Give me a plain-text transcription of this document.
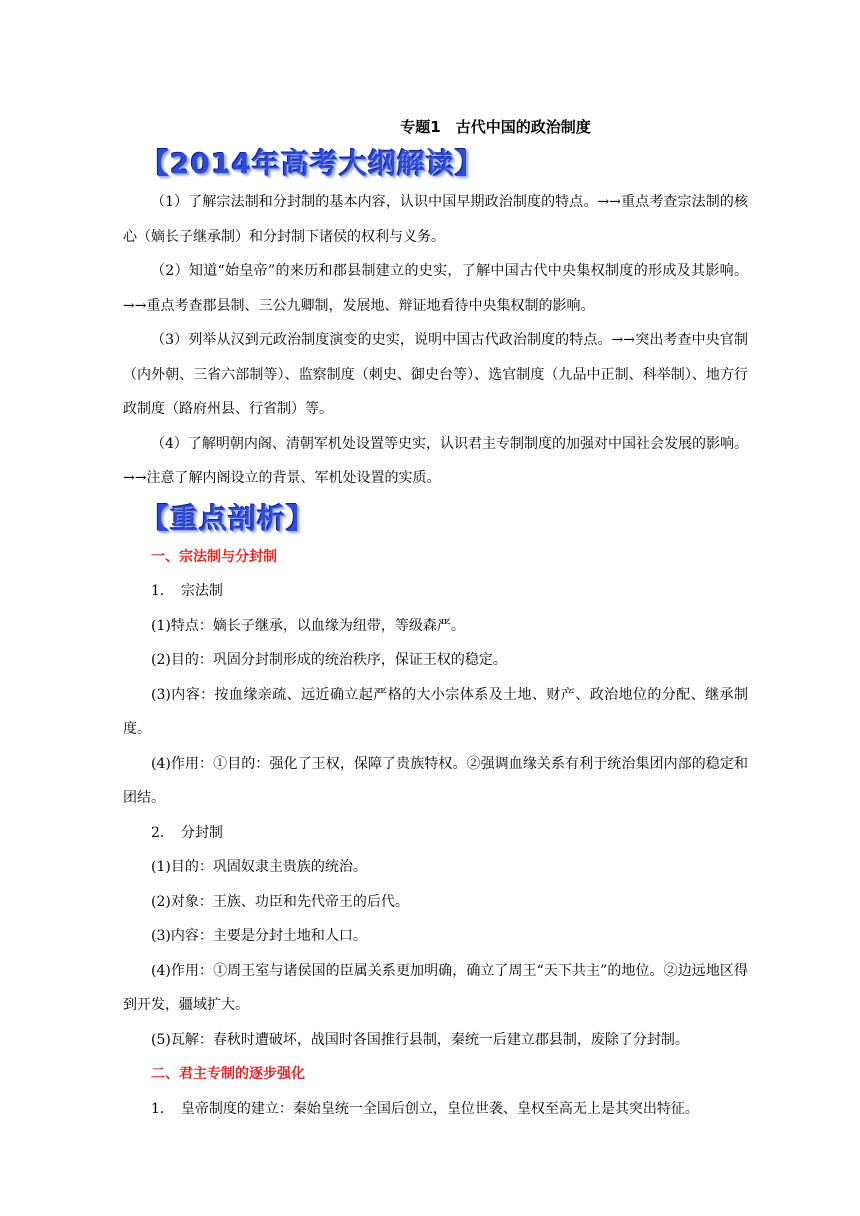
专题1　古代中国的政治制度
【2014年高考大纲解读】

（1）了解宗法制和分封制的基本内容，认识中国早期政治制度的特点。→→重点考查宗法制的核心（嫡长子继承制）和分封制下诸侯的权利与义务。

（2）知道“始皇帝”的来历和郡县制建立的史实，了解中国古代中央集权制度的形成及其影响。→→重点考查郡县制、三公九卿制，发展地、辩证地看待中央集权制的影响。

（3）列举从汉到元政治制度演变的史实，说明中国古代政治制度的特点。→→突出考查中央官制（内外朝、三省六部制等）、监察制度（刺史、御史台等）、选官制度（九品中正制、科举制）、地方行政制度（路府州县、行省制）等。

（4）了解明朝内阁、清朝军机处设置等史实，认识君主专制制度的加强对中国社会发展的影响。→→注意了解内阁设立的背景、军机处设置的实质。

【重点剖析】

一、宗法制与分封制

1．　宗法制

(1)特点：嫡长子继承，以血缘为纽带，等级森严。

(2)目的：巩固分封制形成的统治秩序，保证王权的稳定。

(3)内容：按血缘亲疏、远近确立起严格的大小宗体系及土地、财产、政治地位的分配、继承制度。

(4)作用：①目的：强化了王权，保障了贵族特权。②强调血缘关系有利于统治集团内部的稳定和团结。

2．　分封制

(1)目的：巩固奴隶主贵族的统治。

(2)对象：王族、功臣和先代帝王的后代。

(3)内容：主要是分封土地和人口。

(4)作用：①周王室与诸侯国的臣属关系更加明确，确立了周王“天下共主”的地位。②边远地区得到开发，疆域扩大。

(5)瓦解：春秋时遭破坏，战国时各国推行县制，秦统一后建立郡县制，废除了分封制。

二、君主专制的逐步强化

1．　皇帝制度的建立：秦始皇统一全国后创立，皇位世袭、皇权至高无上是其突出特征。
